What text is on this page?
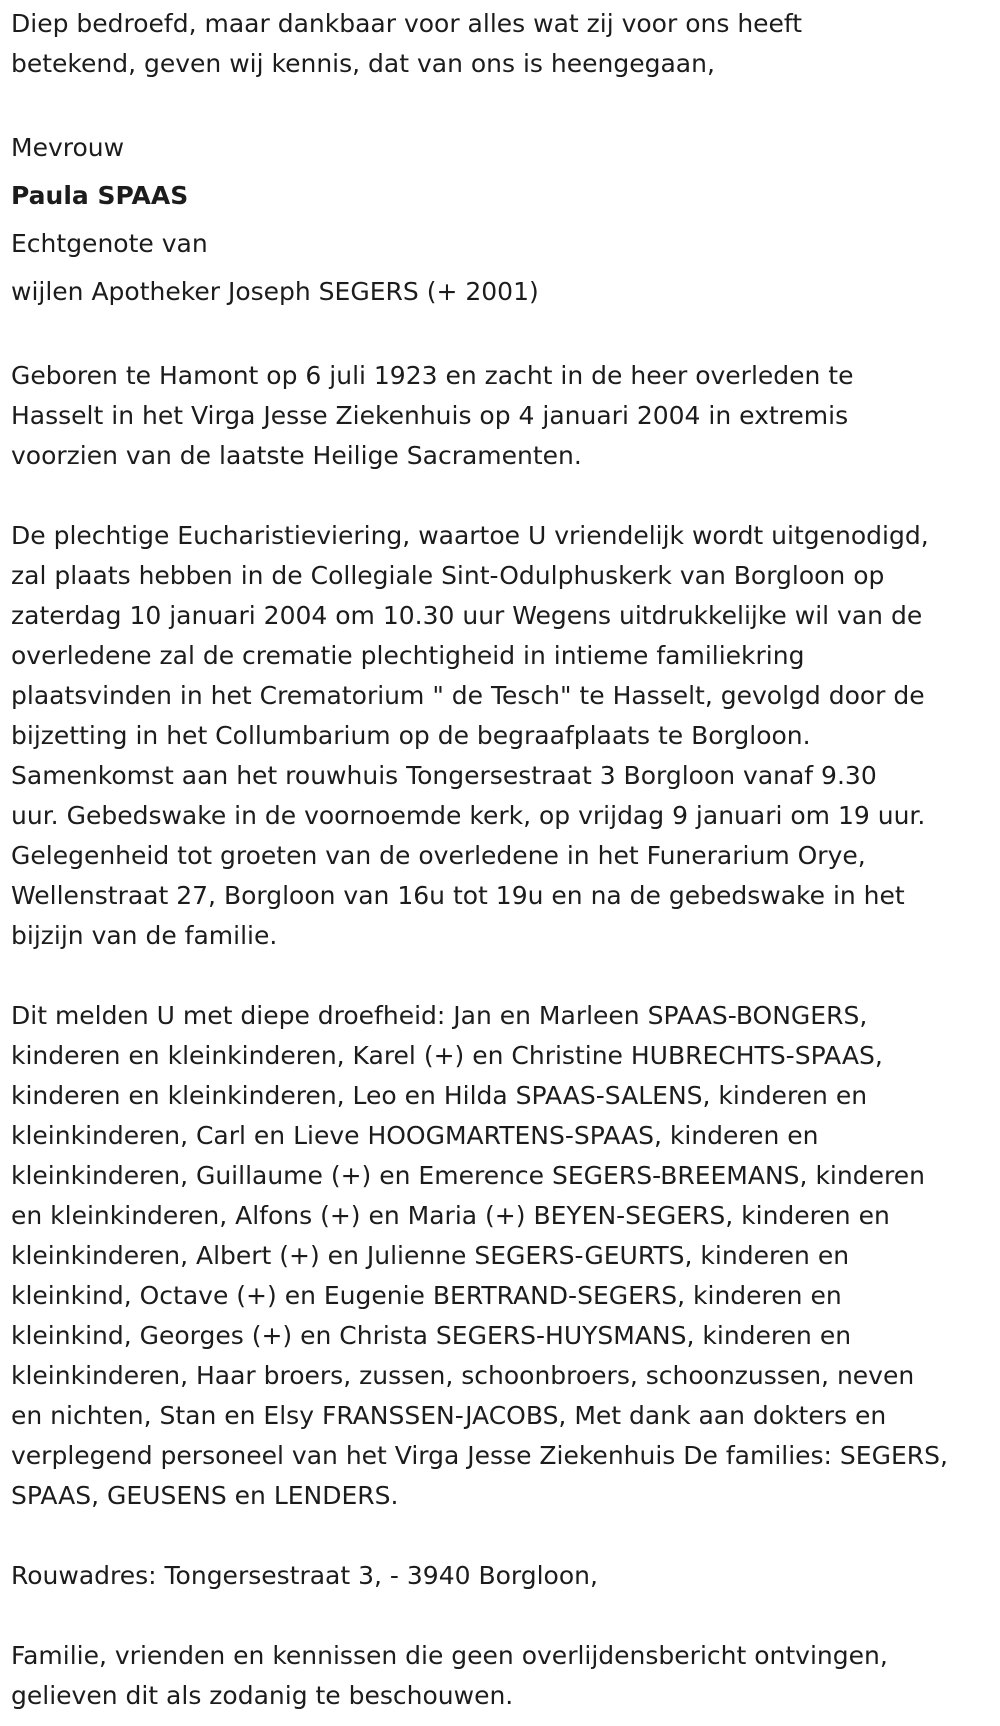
Diep bedroefd, maar dankbaar voor alles wat zij voor ons heeft
betekend, geven wij kennis, dat van ons is heengegaan,

Mevrouw
Paula SPAAS
Echtgenote van
wijlen Apotheker Joseph SEGERS (+ 2001)

Geboren te Hamont op 6 juli 1923 en zacht in de heer overleden te
Hasselt in het Virga Jesse Ziekenhuis op 4 januari 2004 in extremis
voorzien van de laatste Heilige Sacramenten.

De plechtige Eucharistieviering, waartoe U vriendelijk wordt uitgenodigd,
zal plaats hebben in de Collegiale Sint-Odulphuskerk van Borgloon op
zaterdag 10 januari 2004 om 10.30 uur Wegens uitdrukkelijke wil van de
overledene zal de crematie plechtigheid in intieme familiekring
plaatsvinden in het Crematorium " de Tesch" te Hasselt, gevolgd door de
bijzetting in het Collumbarium op de begraafplaats te Borgloon.
Samenkomst aan het rouwhuis Tongersestraat 3 Borgloon vanaf 9.30
uur. Gebedswake in de voornoemde kerk, op vrijdag 9 januari om 19 uur.
Gelegenheid tot groeten van de overledene in het Funerarium Orye,
Wellenstraat 27, Borgloon van 16u tot 19u en na de gebedswake in het
bijzijn van de familie.

Dit melden U met diepe droefheid: Jan en Marleen SPAAS-BONGERS,
kinderen en kleinkinderen, Karel (+) en Christine HUBRECHTS-SPAAS,
kinderen en kleinkinderen, Leo en Hilda SPAAS-SALENS, kinderen en
kleinkinderen, Carl en Lieve HOOGMARTENS-SPAAS, kinderen en
kleinkinderen, Guillaume (+) en Emerence SEGERS-BREEMANS, kinderen
en kleinkinderen, Alfons (+) en Maria (+) BEYEN-SEGERS, kinderen en
kleinkinderen, Albert (+) en Julienne SEGERS-GEURTS, kinderen en
kleinkind, Octave (+) en Eugenie BERTRAND-SEGERS, kinderen en
kleinkind, Georges (+) en Christa SEGERS-HUYSMANS, kinderen en
kleinkinderen, Haar broers, zussen, schoonbroers, schoonzussen, neven
en nichten, Stan en Elsy FRANSSEN-JACOBS, Met dank aan dokters en
verplegend personeel van het Virga Jesse Ziekenhuis De families: SEGERS,
SPAAS, GEUSENS en LENDERS.

Rouwadres: Tongersestraat 3, - 3940 Borgloon,

Familie, vrienden en kennissen die geen overlijdensbericht ontvingen,
gelieven dit als zodanig te beschouwen.
